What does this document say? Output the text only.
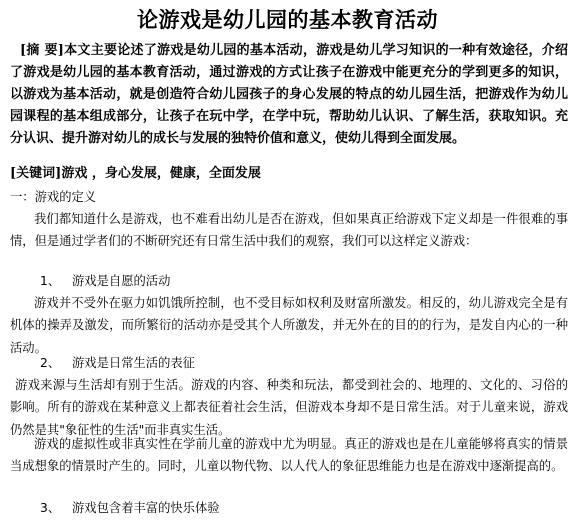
论游戏是幼儿园的基本教育活动
[摘 要]本文主要论述了游戏是幼儿园的基本活动，游戏是幼儿学习知识的一种有效途径，介绍了游戏是幼儿园的基本教育活动，通过游戏的方式让孩子在游戏中能更充分的学到更多的知识，以游戏为基本活动，就是创造符合幼儿园孩子的身心发展的特点的幼儿园生活，把游戏作为幼儿园课程的基本组成部分，让孩子在玩中学，在学中玩，帮助幼儿认识、了解生活，获取知识。充分认识、提升游对幼儿的成长与发展的独特价值和意义，使幼儿得到全面发展。
[关键词]游戏 ，身心发展，健康，全面发展
一：游戏的定义
我们都知道什么是游戏，也不难看出幼儿是否在游戏，但如果真正给游戏下定义却是一件很难的事情，但是通过学者们的不断研究还有日常生活中我们的观察，我们可以这样定义游戏：
1、 游戏是自愿的活动
游戏并不受外在驱力如饥饿所控制，也不受目标如权利及财富所激发。相反的，幼儿游戏完全是有机体的操弄及激发，而所繁衍的活动亦是受其个人所激发，并无外在的目的的行为，是发自内心的一种活动。
2、 游戏是日常生活的表征
游戏来源与生活却有别于生活。游戏的内容、种类和玩法，都受到社会的、地理的、文化的、习俗的影响。所有的游戏在某种意义上都表征着社会生活，但游戏本身却不是日常生活。对于儿童来说，游戏仍然是其"象征性的生活"而非真实生活。
游戏的虚拟性或非真实性在学前儿童的游戏中尤为明显。真正的游戏也是在儿童能够将真实的情景当成想象的情景时产生的。同时，儿童以物代物、以人代人的象征思维能力也是在游戏中逐渐提高的。
3、 游戏包含着丰富的快乐体验
